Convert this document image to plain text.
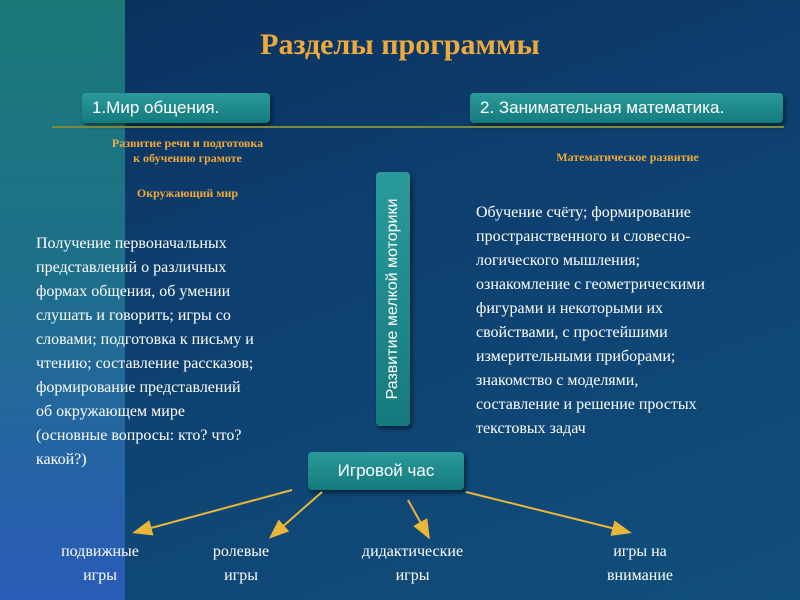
Разделы программы
1.Мир общения.	2. Занимательная математика.
Развитие речи и подготовка
к обучению грамоте
Окружающий мир
Математическое развитие
Развитие мелкой моторики
Получение первоначальных
представлений о различных
формах общения, об умении
слушать и говорить; игры со
словами; подготовка к письму и
чтению; составление рассказов;
формирование представлений
об окружающем мире
(основные вопросы: кто? что?
какой?)
Обучение счёту; формирование
пространственного и словесно-
логического мышления;
ознакомление с геометрическими
фигурами и некоторыми их
свойствами, с простейшими
измерительными приборами;
знакомство с моделями,
составление и решение простых
текстовых задач
Игровой час
подвижные
игры
ролевые
игры
дидактические
игры
игры на
внимание
